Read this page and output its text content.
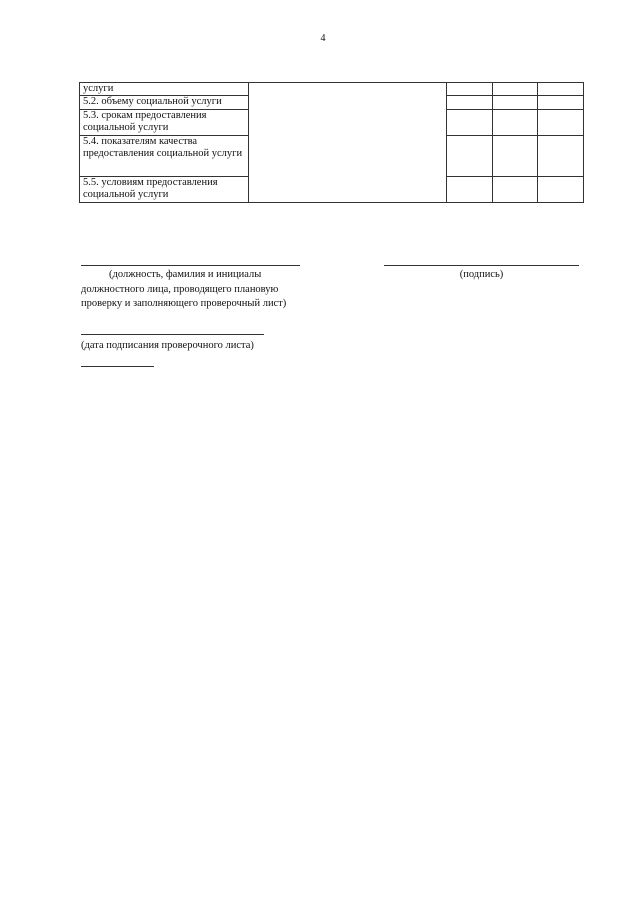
4
услуги				
5.2. объему социальной услуги				
5.3. срокам предоставления социальной услуги				
5.4. показателям качества предоставления социальной услуги				
5.5. условиям предоставления социальной услуги				
(должность, фамилия и инициалы
должностного лица, проводящего плановую
проверку и заполняющего проверочный лист)
(подпись)
(дата подписания проверочного листа)
